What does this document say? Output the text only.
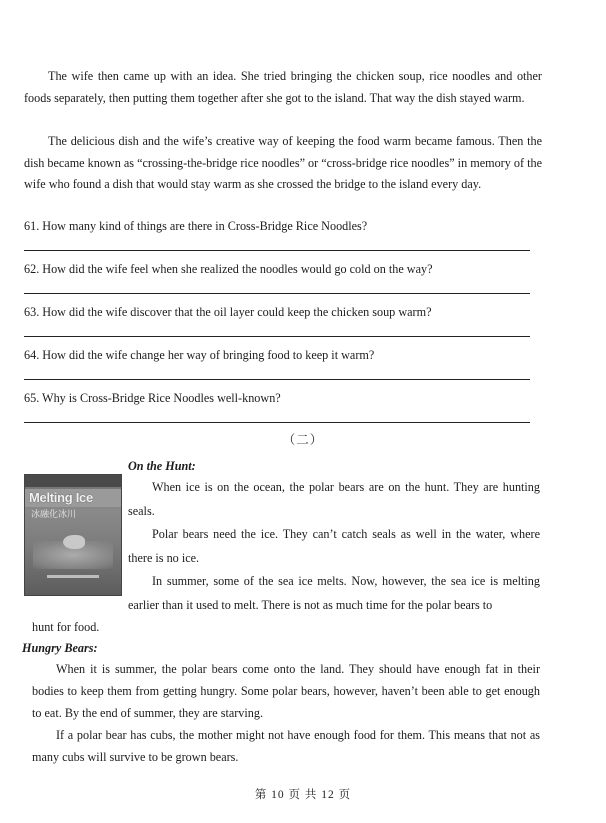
The wife then came up with an idea. She tried bringing the chicken soup, rice noodles and other foods separately, then putting them together after she got to the island. That way the dish stayed warm.

The delicious dish and the wife’s creative way of keeping the food warm became famous. Then the dish became known as “crossing-the-bridge rice noodles” or “cross-bridge rice noodles” in memory of the wife who found a dish that would stay warm as she crossed the bridge to the island every day.

61. How many kind of things are there in Cross-Bridge Rice Noodles?

62. How did the wife feel when she realized the noodles would go cold on the way?

63. How did the wife discover that the oil layer could keep the chicken soup warm?

64. How did the wife change her way of bringing food to keep it warm?

65. Why is Cross-Bridge Rice Noodles well-known?

（二）
On the Hunt:
Melting Ice
冰融化冰川

When ice is on the ocean, the polar bears are on the hunt. They are hunting seals.

Polar bears need the ice. They can’t catch seals as well in the water, where there is no ice.

In summer, some of the sea ice melts. Now, however, the sea ice is melting earlier than it used to melt. There is not as much time for the polar bears to

hunt for food.

Hungry Bears:

When it is summer, the polar bears come onto the land. They should have enough fat in their bodies to keep them from getting hungry. Some polar bears, however, haven’t been able to get enough to eat. By the end of summer, they are starving.

If a polar bear has cubs, the mother might not have enough food for them. This means that not as many cubs will survive to be grown bears.

第 10 页 共 12 页
